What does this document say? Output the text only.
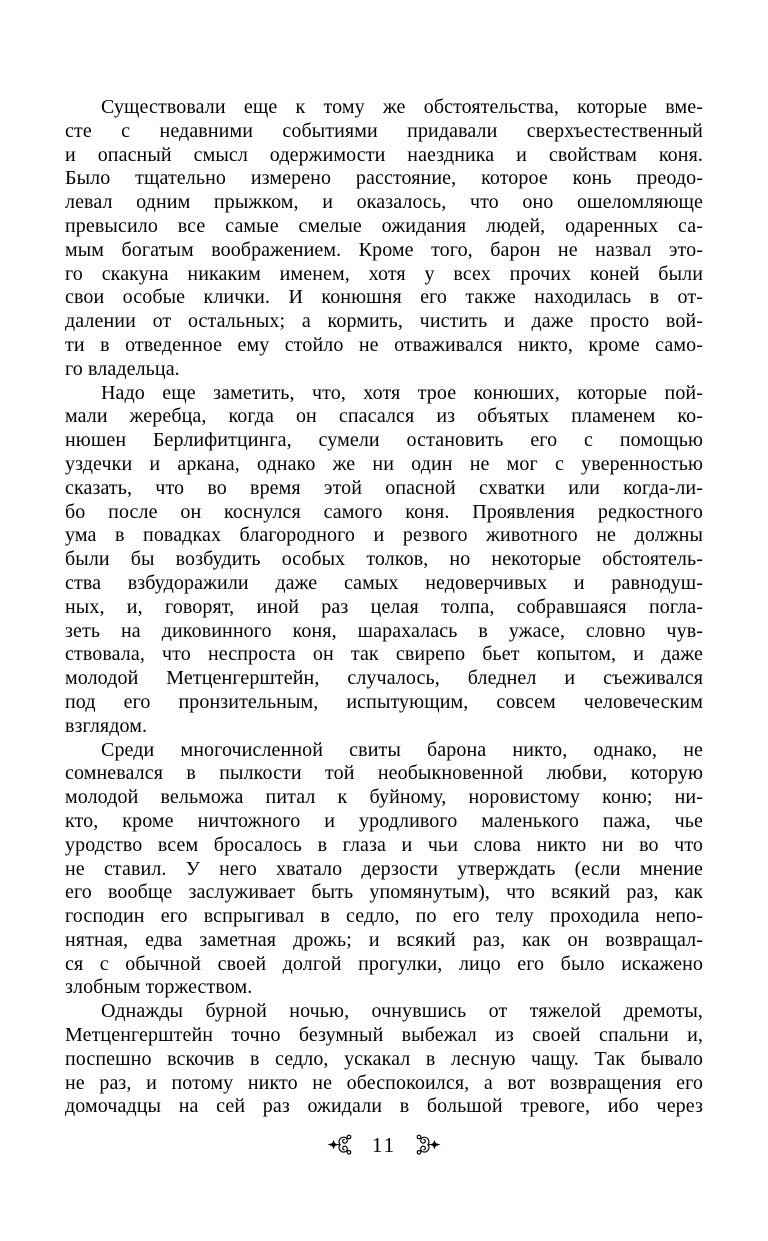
Существовали еще к тому же обстоятельства, которые вме-
сте с недавними событиями придавали сверхъестественный
и опасный смысл одержимости наездника и свойствам коня.
Было тщательно измерено расстояние, которое конь преодо-
левал одним прыжком, и оказалось, что оно ошеломляюще
превысило все самые смелые ожидания людей, одаренных са-
мым богатым воображением. Кроме того, барон не назвал это-
го скакуна никаким именем, хотя у всех прочих коней были
свои особые клички. И конюшня его также находилась в от-
далении от остальных; а кормить, чистить и даже просто вой-
ти в отведенное ему стойло не отваживался никто, кроме само-
го владельца.

Надо еще заметить, что, хотя трое конюших, которые пой-
мали жеребца, когда он спасался из объятых пламенем ко-
нюшен Берлифитцинга, сумели остановить его с помощью
уздечки и аркана, однако же ни один не мог с уверенностью
сказать, что во время этой опасной схватки или когда-ли-
бо после он коснулся самого коня. Проявления редкостного
ума в повадках благородного и резвого животного не должны
были бы возбудить особых толков, но некоторые обстоятель-
ства взбудоражили даже самых недоверчивых и равнодуш-
ных, и, говорят, иной раз целая толпа, собравшаяся погла-
зеть на диковинного коня, шарахалась в ужасе, словно чув-
ствовала, что неспроста он так свирепо бьет копытом, и даже
молодой Метценгерштейн, случалось, бледнел и съеживался
под его пронзительным, испытующим, совсем человеческим
взглядом.

Среди многочисленной свиты барона никто, однако, не
сомневался в пылкости той необыкновенной любви, которую
молодой вельможа питал к буйному, норовистому коню; ни-
кто, кроме ничтожного и уродливого маленького пажа, чье
уродство всем бросалось в глаза и чьи слова никто ни во что
не ставил. У него хватало дерзости утверждать (если мнение
его вообще заслуживает быть упомянутым), что всякий раз, как
господин его вспрыгивал в седло, по его телу проходила непо-
нятная, едва заметная дрожь; и всякий раз, как он возвращал-
ся с обычной своей долгой прогулки, лицо его было искажено
злобным торжеством.

Однажды бурной ночью, очнувшись от тяжелой дремоты,
Метценгерштейн точно безумный выбежал из своей спальни и,
поспешно вскочив в седло, ускакал в лесную чащу. Так бывало
не раз, и потому никто не обеспокоился, а вот возвращения его
домочадцы на сей раз ожидали в большой тревоге, ибо через

11
